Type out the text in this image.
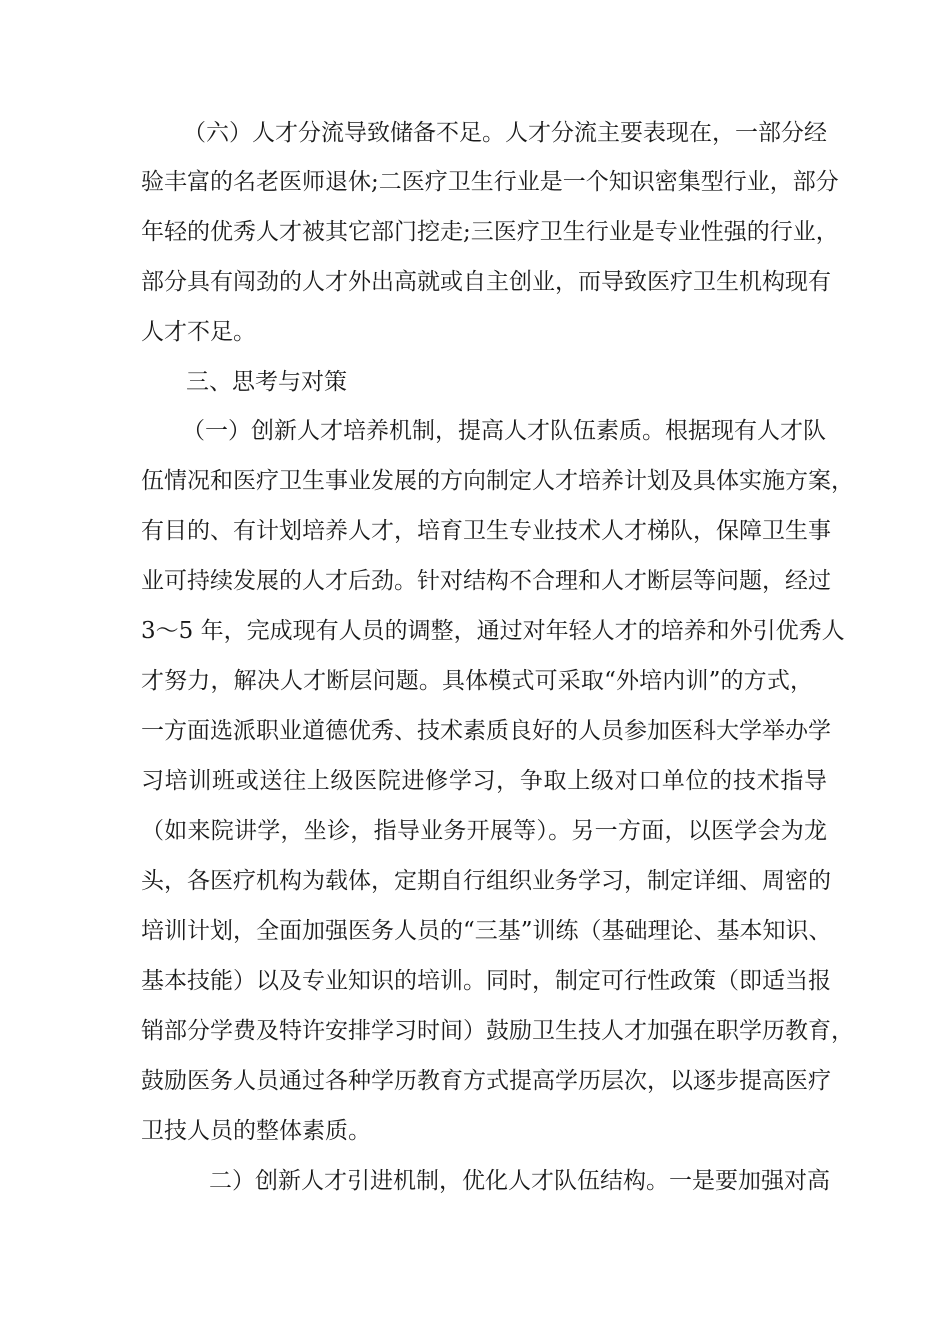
（六）人才分流导致储备不足。人才分流主要表现在，一部分经
验丰富的名老医师退休;二医疗卫生行业是一个知识密集型行业，部分
年轻的优秀人才被其它部门挖走;三医疗卫生行业是专业性强的行业，
部分具有闯劲的人才外出高就或自主创业，而导致医疗卫生机构现有
人才不足。
三、思考与对策
（一）创新人才培养机制，提高人才队伍素质。根据现有人才队
伍情况和医疗卫生事业发展的方向制定人才培养计划及具体实施方案，
有目的、有计划培养人才，培育卫生专业技术人才梯队，保障卫生事
业可持续发展的人才后劲。针对结构不合理和人才断层等问题，经过
3～5 年，完成现有人员的调整，通过对年轻人才的培养和外引优秀人
才努力，解决人才断层问题。具体模式可采取“外培内训”的方式，
一方面选派职业道德优秀、技术素质良好的人员参加医科大学举办学
习培训班或送往上级医院进修学习，争取上级对口单位的技术指导
（如来院讲学，坐诊，指导业务开展等）。另一方面，以医学会为龙
头，各医疗机构为载体，定期自行组织业务学习，制定详细、周密的
培训计划，全面加强医务人员的“三基”训练（基础理论、基本知识、
基本技能）以及专业知识的培训。同时，制定可行性政策（即适当报
销部分学费及特许安排学习时间）鼓励卫生技人才加强在职学历教育，
鼓励医务人员通过各种学历教育方式提高学历层次，以逐步提高医疗
卫技人员的整体素质。
二）创新人才引进机制，优化人才队伍结构。一是要加强对高
